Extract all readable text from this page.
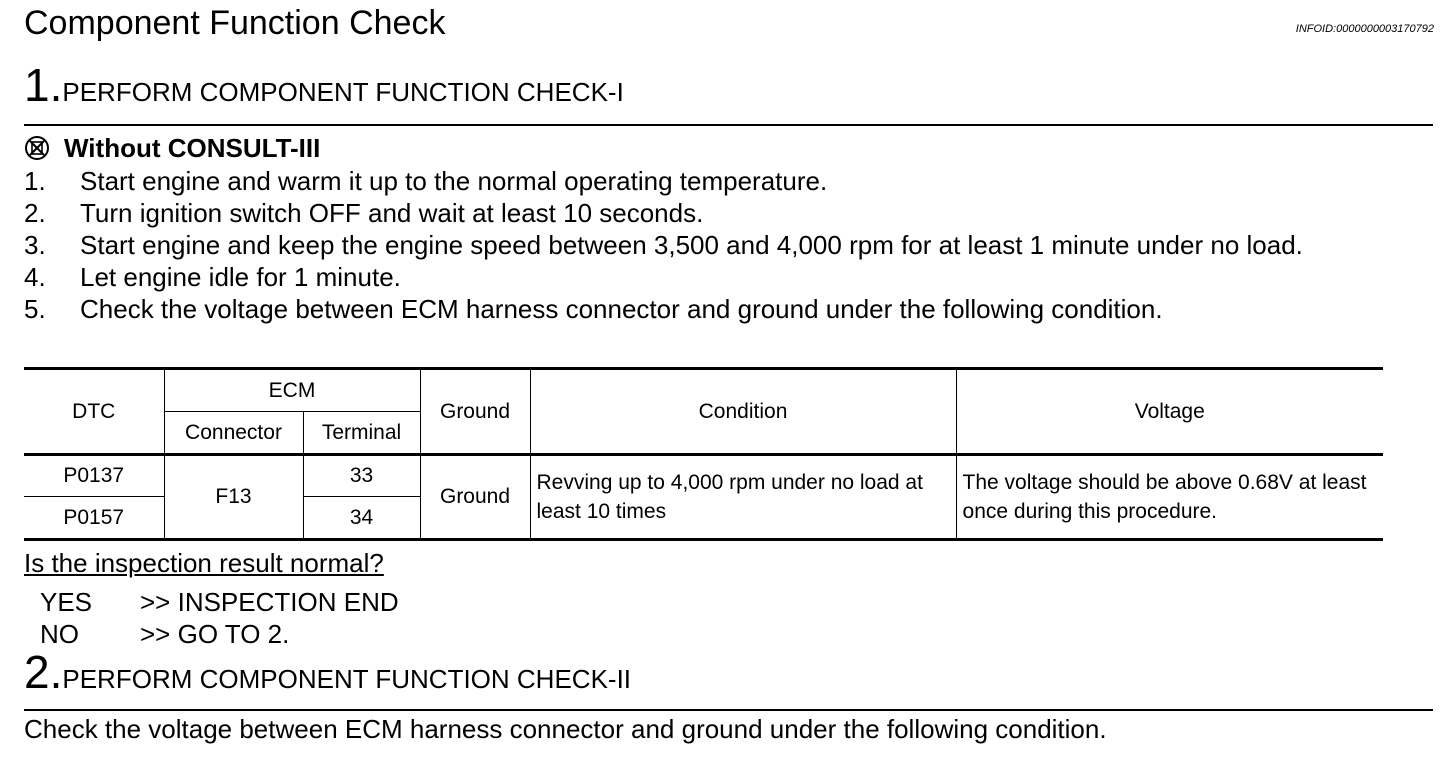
Component Function Check	INFOID:0000000003170792
1.PERFORM COMPONENT FUNCTION CHECK-I
Without CONSULT-III
1. Start engine and warm it up to the normal operating temperature.
2. Turn ignition switch OFF and wait at least 10 seconds.
3. Start engine and keep the engine speed between 3,500 and 4,000 rpm for at least 1 minute under no load.
4. Let engine idle for 1 minute.
5. Check the voltage between ECM harness connector and ground under the following condition.
DTC	ECM		Ground	Condition	Voltage
	Connector	Terminal			
P0137	F13	33	Ground	Revving up to 4,000 rpm under no load at least 10 times	The voltage should be above 0.68V at least once during this procedure.
P0157		34			
Is the inspection result normal?
YES	>> INSPECTION END
NO	>> GO TO 2.
2.PERFORM COMPONENT FUNCTION CHECK-II
Check the voltage between ECM harness connector and ground under the following condition.
